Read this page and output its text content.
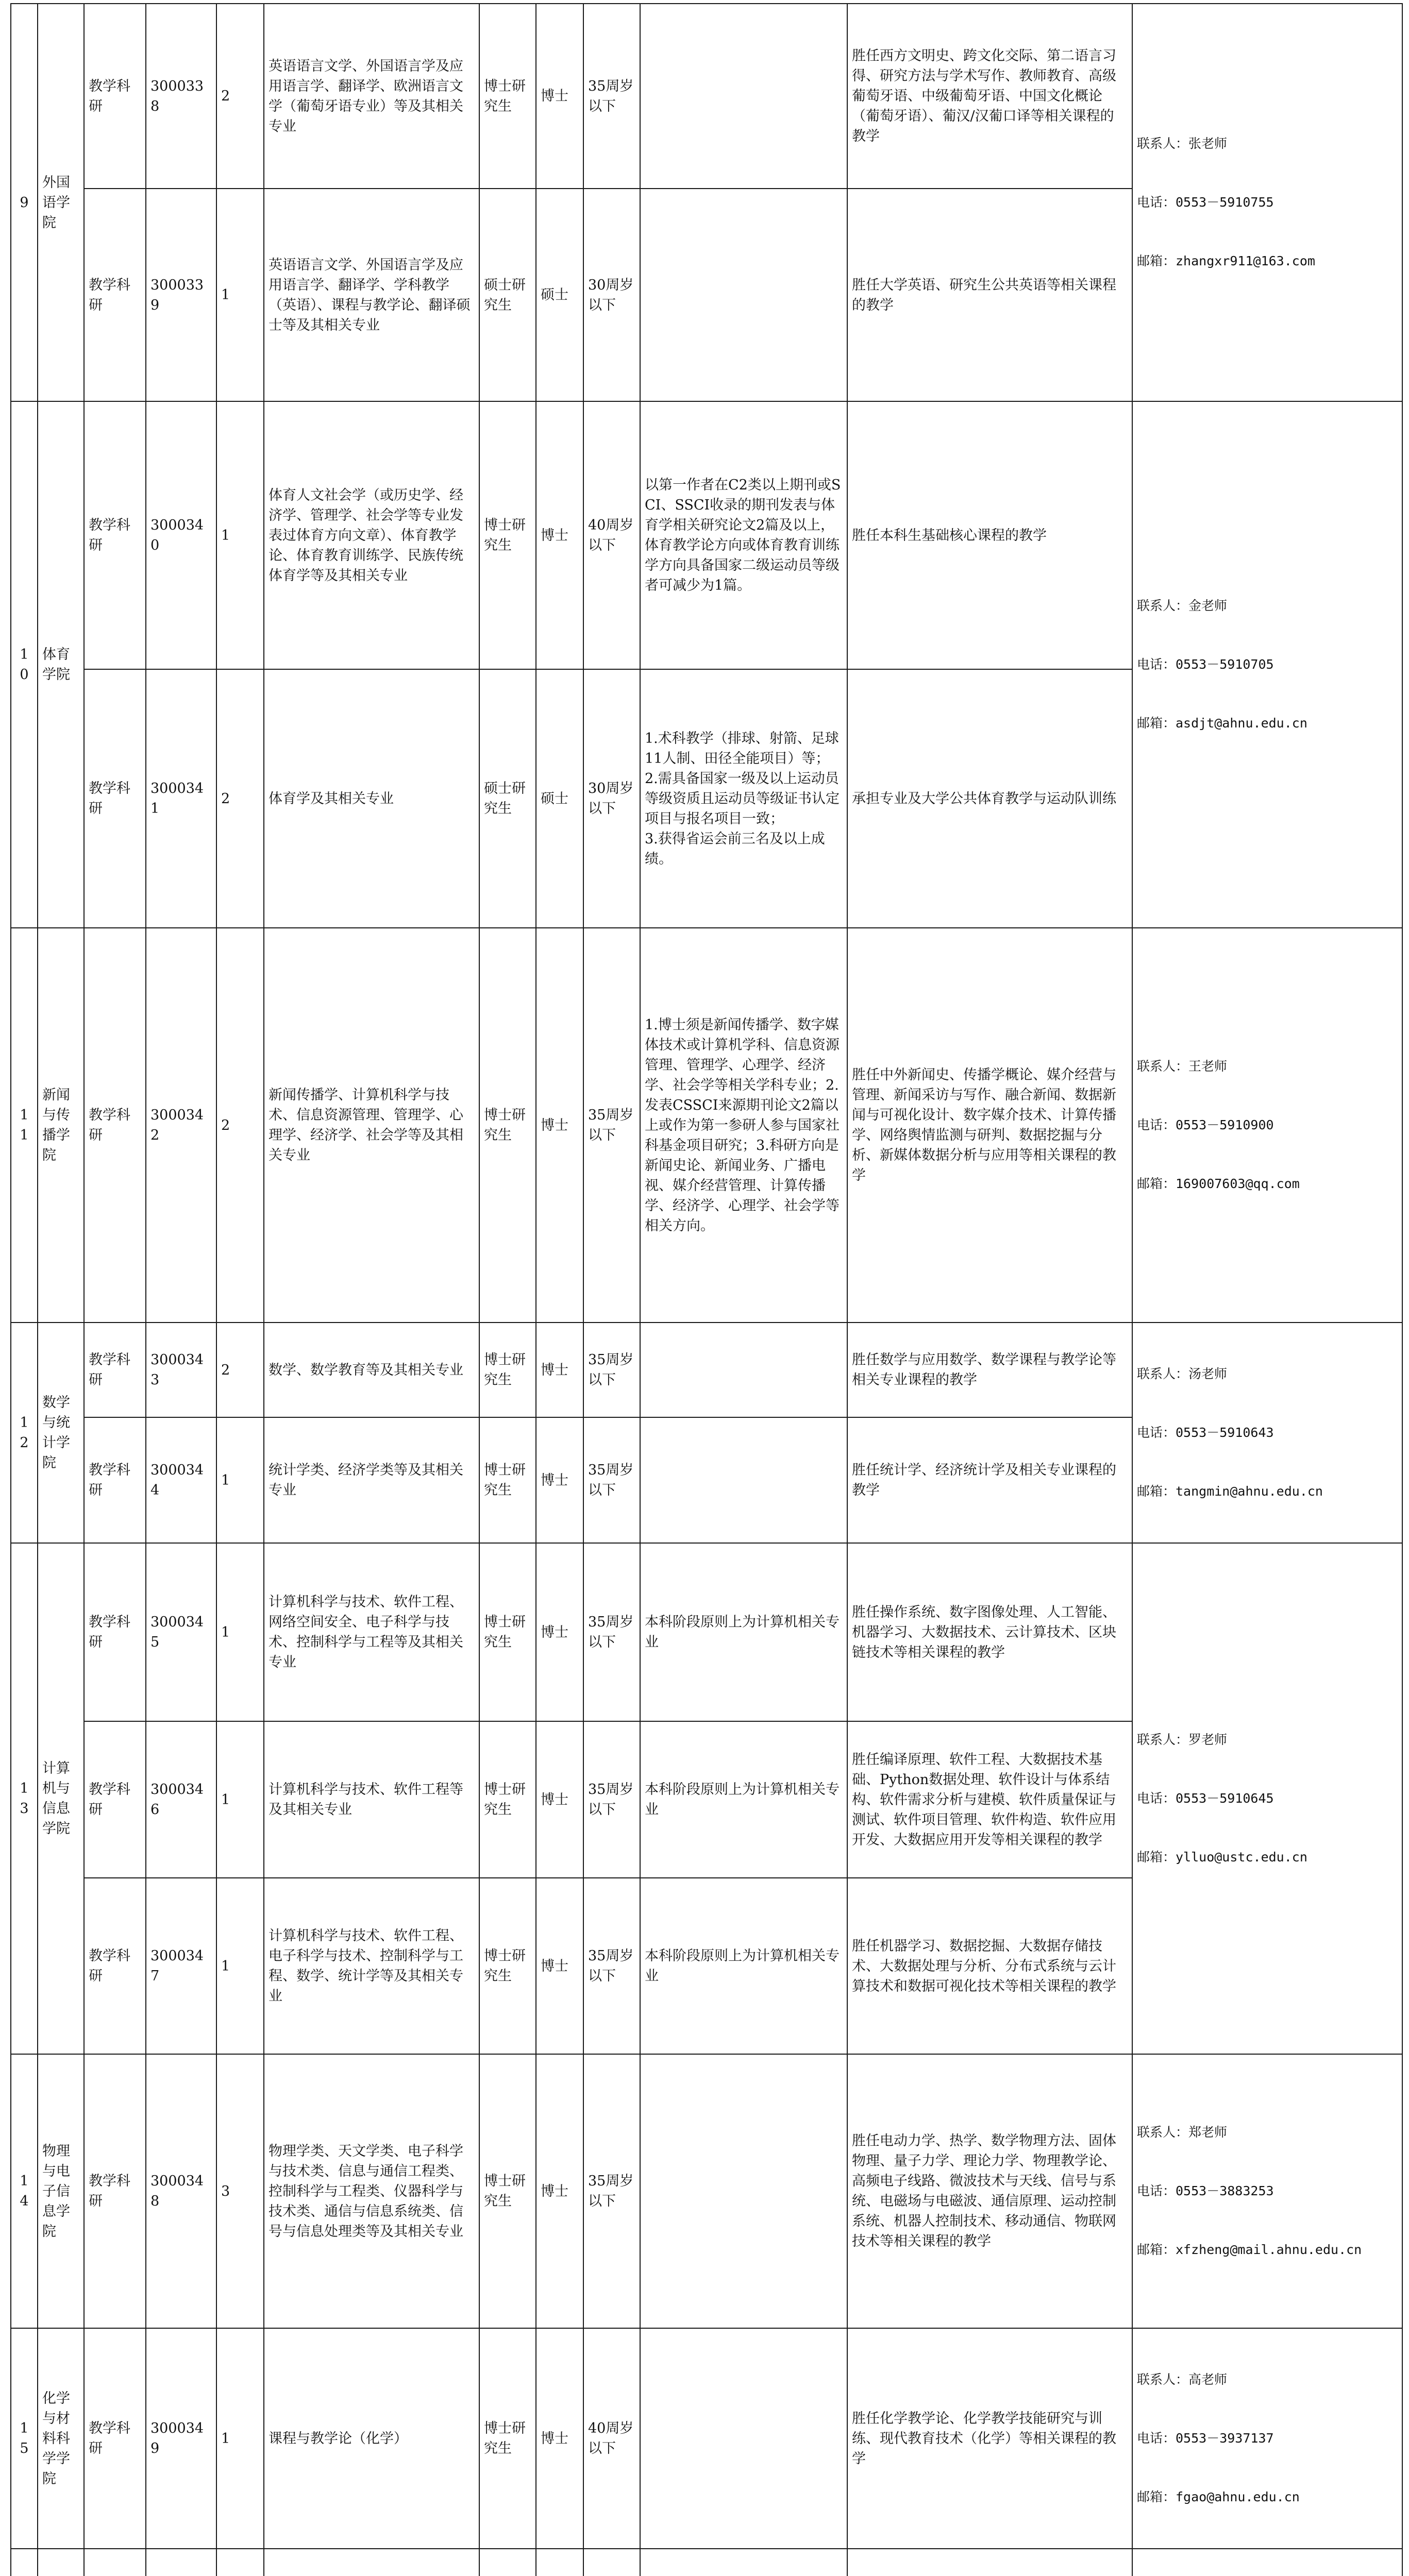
9	外国语学院	教学科研	3000338	2	英语语言文学、外国语言学及应用语言学、翻译学、欧洲语言文学（葡萄牙语专业）等及其相关专业	博士研究生	博士	35周岁以下		胜任西方文明史、跨文化交际、第二语言习得、研究方法与学术写作、教师教育、高级葡萄牙语、中级葡萄牙语、中国文化概论（葡萄牙语）、葡汉/汉葡口译等相关课程的教学	联系人：张老师

电话：0553－5910755

邮箱：zhangxr911@163.com

		教学科研	3000339	1	英语语言文学、外国语言学及应用语言学、翻译学、学科教学（英语）、课程与教学论、翻译硕士等及其相关专业	硕士研究生	硕士	30周岁以下		胜任大学英语、研究生公共英语等相关课程的教学	
10	体育学院	教学科研	3000340	1	体育人文社会学（或历史学、经济学、管理学、社会学等专业发表过体育方向文章）、体育教学论、体育教育训练学、民族传统体育学等及其相关专业	博士研究生	博士	40周岁以下	以第一作者在C2类以上期刊或SCI、SSCI收录的期刊发表与体育学相关研究论文2篇及以上，体育教学论方向或体育教育训练学方向具备国家二级运动员等级者可减少为1篇。	胜任本科生基础核心课程的教学	联系人：金老师

电话：0553－5910705

邮箱：asdjt@ahnu.edu.cn

		教学科研	3000341	2	体育学及其相关专业	硕士研究生	硕士	30周岁以下	1.术科教学（排球、射箭、足球11人制、田径全能项目）等；
2.需具备国家一级及以上运动员等级资质且运动员等级证书认定项目与报名项目一致；
3.获得省运会前三名及以上成绩。	承担专业及大学公共体育教学与运动队训练	
11	新闻与传播学院	教学科研	3000342	2	新闻传播学、计算机科学与技术、信息资源管理、管理学、心理学、经济学、社会学等及其相关专业	博士研究生	博士	35周岁以下	1.博士须是新闻传播学、数字媒体技术或计算机学科、信息资源管理、管理学、心理学、经济学、社会学等相关学科专业；2.发表CSSCI来源期刊论文2篇以上或作为第一参研人参与国家社科基金项目研究；3.科研方向是新闻史论、新闻业务、广播电视、媒介经营管理、计算传播学、经济学、心理学、社会学等相关方向。	胜任中外新闻史、传播学概论、媒介经营与管理、新闻采访与写作、融合新闻、数据新闻与可视化设计、数字媒介技术、计算传播学、网络舆情监测与研判、数据挖掘与分析、新媒体数据分析与应用等相关课程的教学	联系人：王老师

电话：0553－5910900

邮箱：169007603@qq.com

12	数学与统计学院	教学科研	3000343	2	数学、数学教育等及其相关专业	博士研究生	博士	35周岁以下		胜任数学与应用数学、数学课程与教学论等相关专业课程的教学	联系人：汤老师

电话：0553－5910643

邮箱：tangmin@ahnu.edu.cn

		教学科研	3000344	1	统计学类、经济学类等及其相关专业	博士研究生	博士	35周岁以下		胜任统计学、经济统计学及相关专业课程的教学	
13	计算机与信息学院	教学科研	3000345	1	计算机科学与技术、软件工程、网络空间安全、电子科学与技术、控制科学与工程等及其相关专业	博士研究生	博士	35周岁以下	本科阶段原则上为计算机相关专业	胜任操作系统、数字图像处理、人工智能、机器学习、大数据技术、云计算技术、区块链技术等相关课程的教学	联系人：罗老师

电话：0553－5910645

邮箱：ylluo@ustc.edu.cn

		教学科研	3000346	1	计算机科学与技术、软件工程等及其相关专业	博士研究生	博士	35周岁以下	本科阶段原则上为计算机相关专业	胜任编译原理、软件工程、大数据技术基础、Python数据处理、软件设计与体系结构、软件需求分析与建模、软件质量保证与测试、软件项目管理、软件构造、软件应用开发、大数据应用开发等相关课程的教学	
		教学科研	3000347	1	计算机科学与技术、软件工程、电子科学与技术、控制科学与工程、数学、统计学等及其相关专业	博士研究生	博士	35周岁以下	本科阶段原则上为计算机相关专业	胜任机器学习、数据挖掘、大数据存储技术、大数据处理与分析、分布式系统与云计算技术和数据可视化技术等相关课程的教学	
14	物理与电子信息学院	教学科研	3000348	3	物理学类、天文学类、电子科学与技术类、信息与通信工程类、控制科学与工程类、仪器科学与技术类、通信与信息系统类、信号与信息处理类等及其相关专业	博士研究生	博士	35周岁以下		胜任电动力学、热学、数学物理方法、固体物理、量子力学、理论力学、物理教学论、高频电子线路、微波技术与天线、信号与系统、电磁场与电磁波、通信原理、运动控制系统、机器人控制技术、移动通信、物联网技术等相关课程的教学	联系人：郑老师

电话：0553－3883253

邮箱：xfzheng@mail.ahnu.edu.cn

15	化学与材料科学学院	教学科研	3000349	1	课程与教学论（化学）	博士研究生	博士	40周岁以下		胜任化学教学论、化学教学技能研究与训练、现代教育技术（化学）等相关课程的教学	联系人：高老师

电话：0553－3937137

邮箱：fgao@ahnu.edu.cn
